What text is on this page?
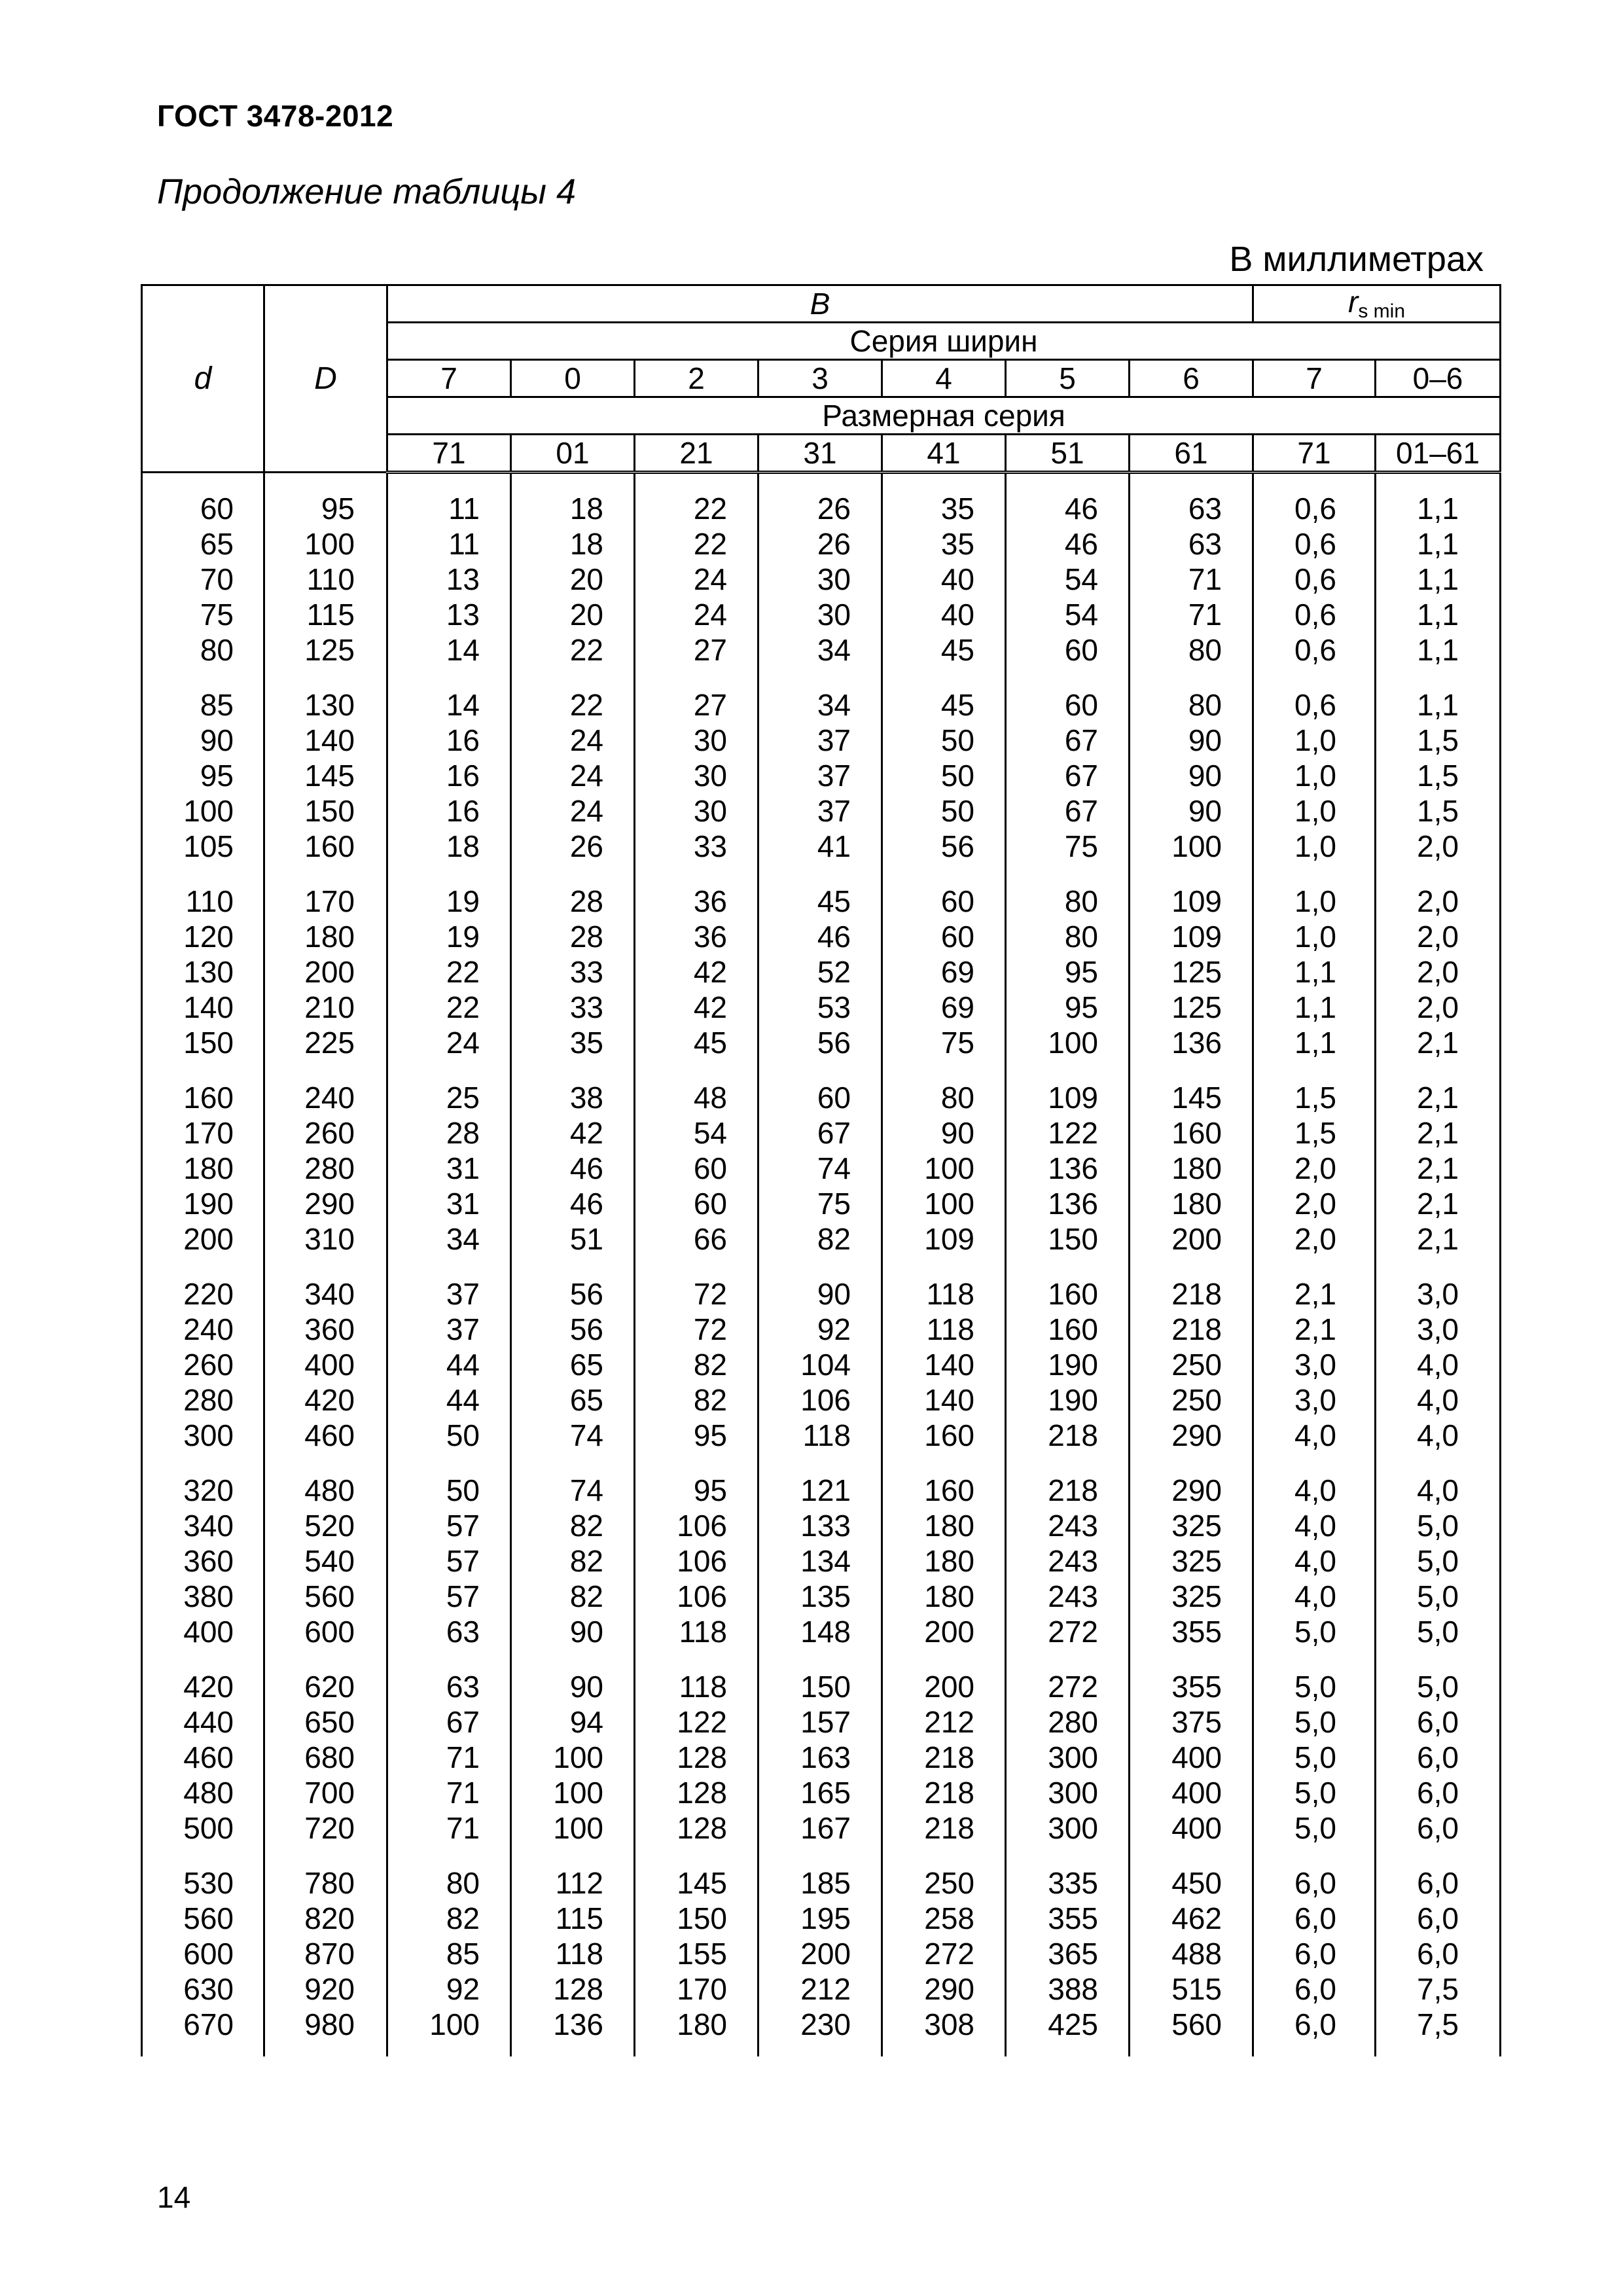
ГОСТ 3478-2012
Продолжение таблицы 4
В миллиметрах
d	D	B							$r_{s min}$
		Серия ширин								
		7	0	2	3	4	5	6	7	0–6
		Размерная серия								
		71	01	21	31	41	51	61	71	01–61

60	95	11	18	22	26	35	46	63	0,6	1,1
65	100	11	18	22	26	35	46	63	0,6	1,1
70	110	13	20	24	30	40	54	71	0,6	1,1
75	115	13	20	24	30	40	54	71	0,6	1,1
80	125	14	22	27	34	45	60	80	0,6	1,1

85	130	14	22	27	34	45	60	80	0,6	1,1
90	140	16	24	30	37	50	67	90	1,0	1,5
95	145	16	24	30	37	50	67	90	1,0	1,5
100	150	16	24	30	37	50	67	90	1,0	1,5
105	160	18	26	33	41	56	75	100	1,0	2,0

110	170	19	28	36	45	60	80	109	1,0	2,0
120	180	19	28	36	46	60	80	109	1,0	2,0
130	200	22	33	42	52	69	95	125	1,1	2,0
140	210	22	33	42	53	69	95	125	1,1	2,0
150	225	24	35	45	56	75	100	136	1,1	2,1

160	240	25	38	48	60	80	109	145	1,5	2,1
170	260	28	42	54	67	90	122	160	1,5	2,1
180	280	31	46	60	74	100	136	180	2,0	2,1
190	290	31	46	60	75	100	136	180	2,0	2,1
200	310	34	51	66	82	109	150	200	2,0	2,1

220	340	37	56	72	90	118	160	218	2,1	3,0
240	360	37	56	72	92	118	160	218	2,1	3,0
260	400	44	65	82	104	140	190	250	3,0	4,0
280	420	44	65	82	106	140	190	250	3,0	4,0
300	460	50	74	95	118	160	218	290	4,0	4,0

320	480	50	74	95	121	160	218	290	4,0	4,0
340	520	57	82	106	133	180	243	325	4,0	5,0
360	540	57	82	106	134	180	243	325	4,0	5,0
380	560	57	82	106	135	180	243	325	4,0	5,0
400	600	63	90	118	148	200	272	355	5,0	5,0

420	620	63	90	118	150	200	272	355	5,0	5,0
440	650	67	94	122	157	212	280	375	5,0	6,0
460	680	71	100	128	163	218	300	400	5,0	6,0
480	700	71	100	128	165	218	300	400	5,0	6,0
500	720	71	100	128	167	218	300	400	5,0	6,0

530	780	80	112	145	185	250	335	450	6,0	6,0
560	820	82	115	150	195	258	355	462	6,0	6,0
600	870	85	118	155	200	272	365	488	6,0	6,0
630	920	92	128	170	212	290	388	515	6,0	7,5
670	980	100	136	180	230	308	425	560	6,0	7,5

14
